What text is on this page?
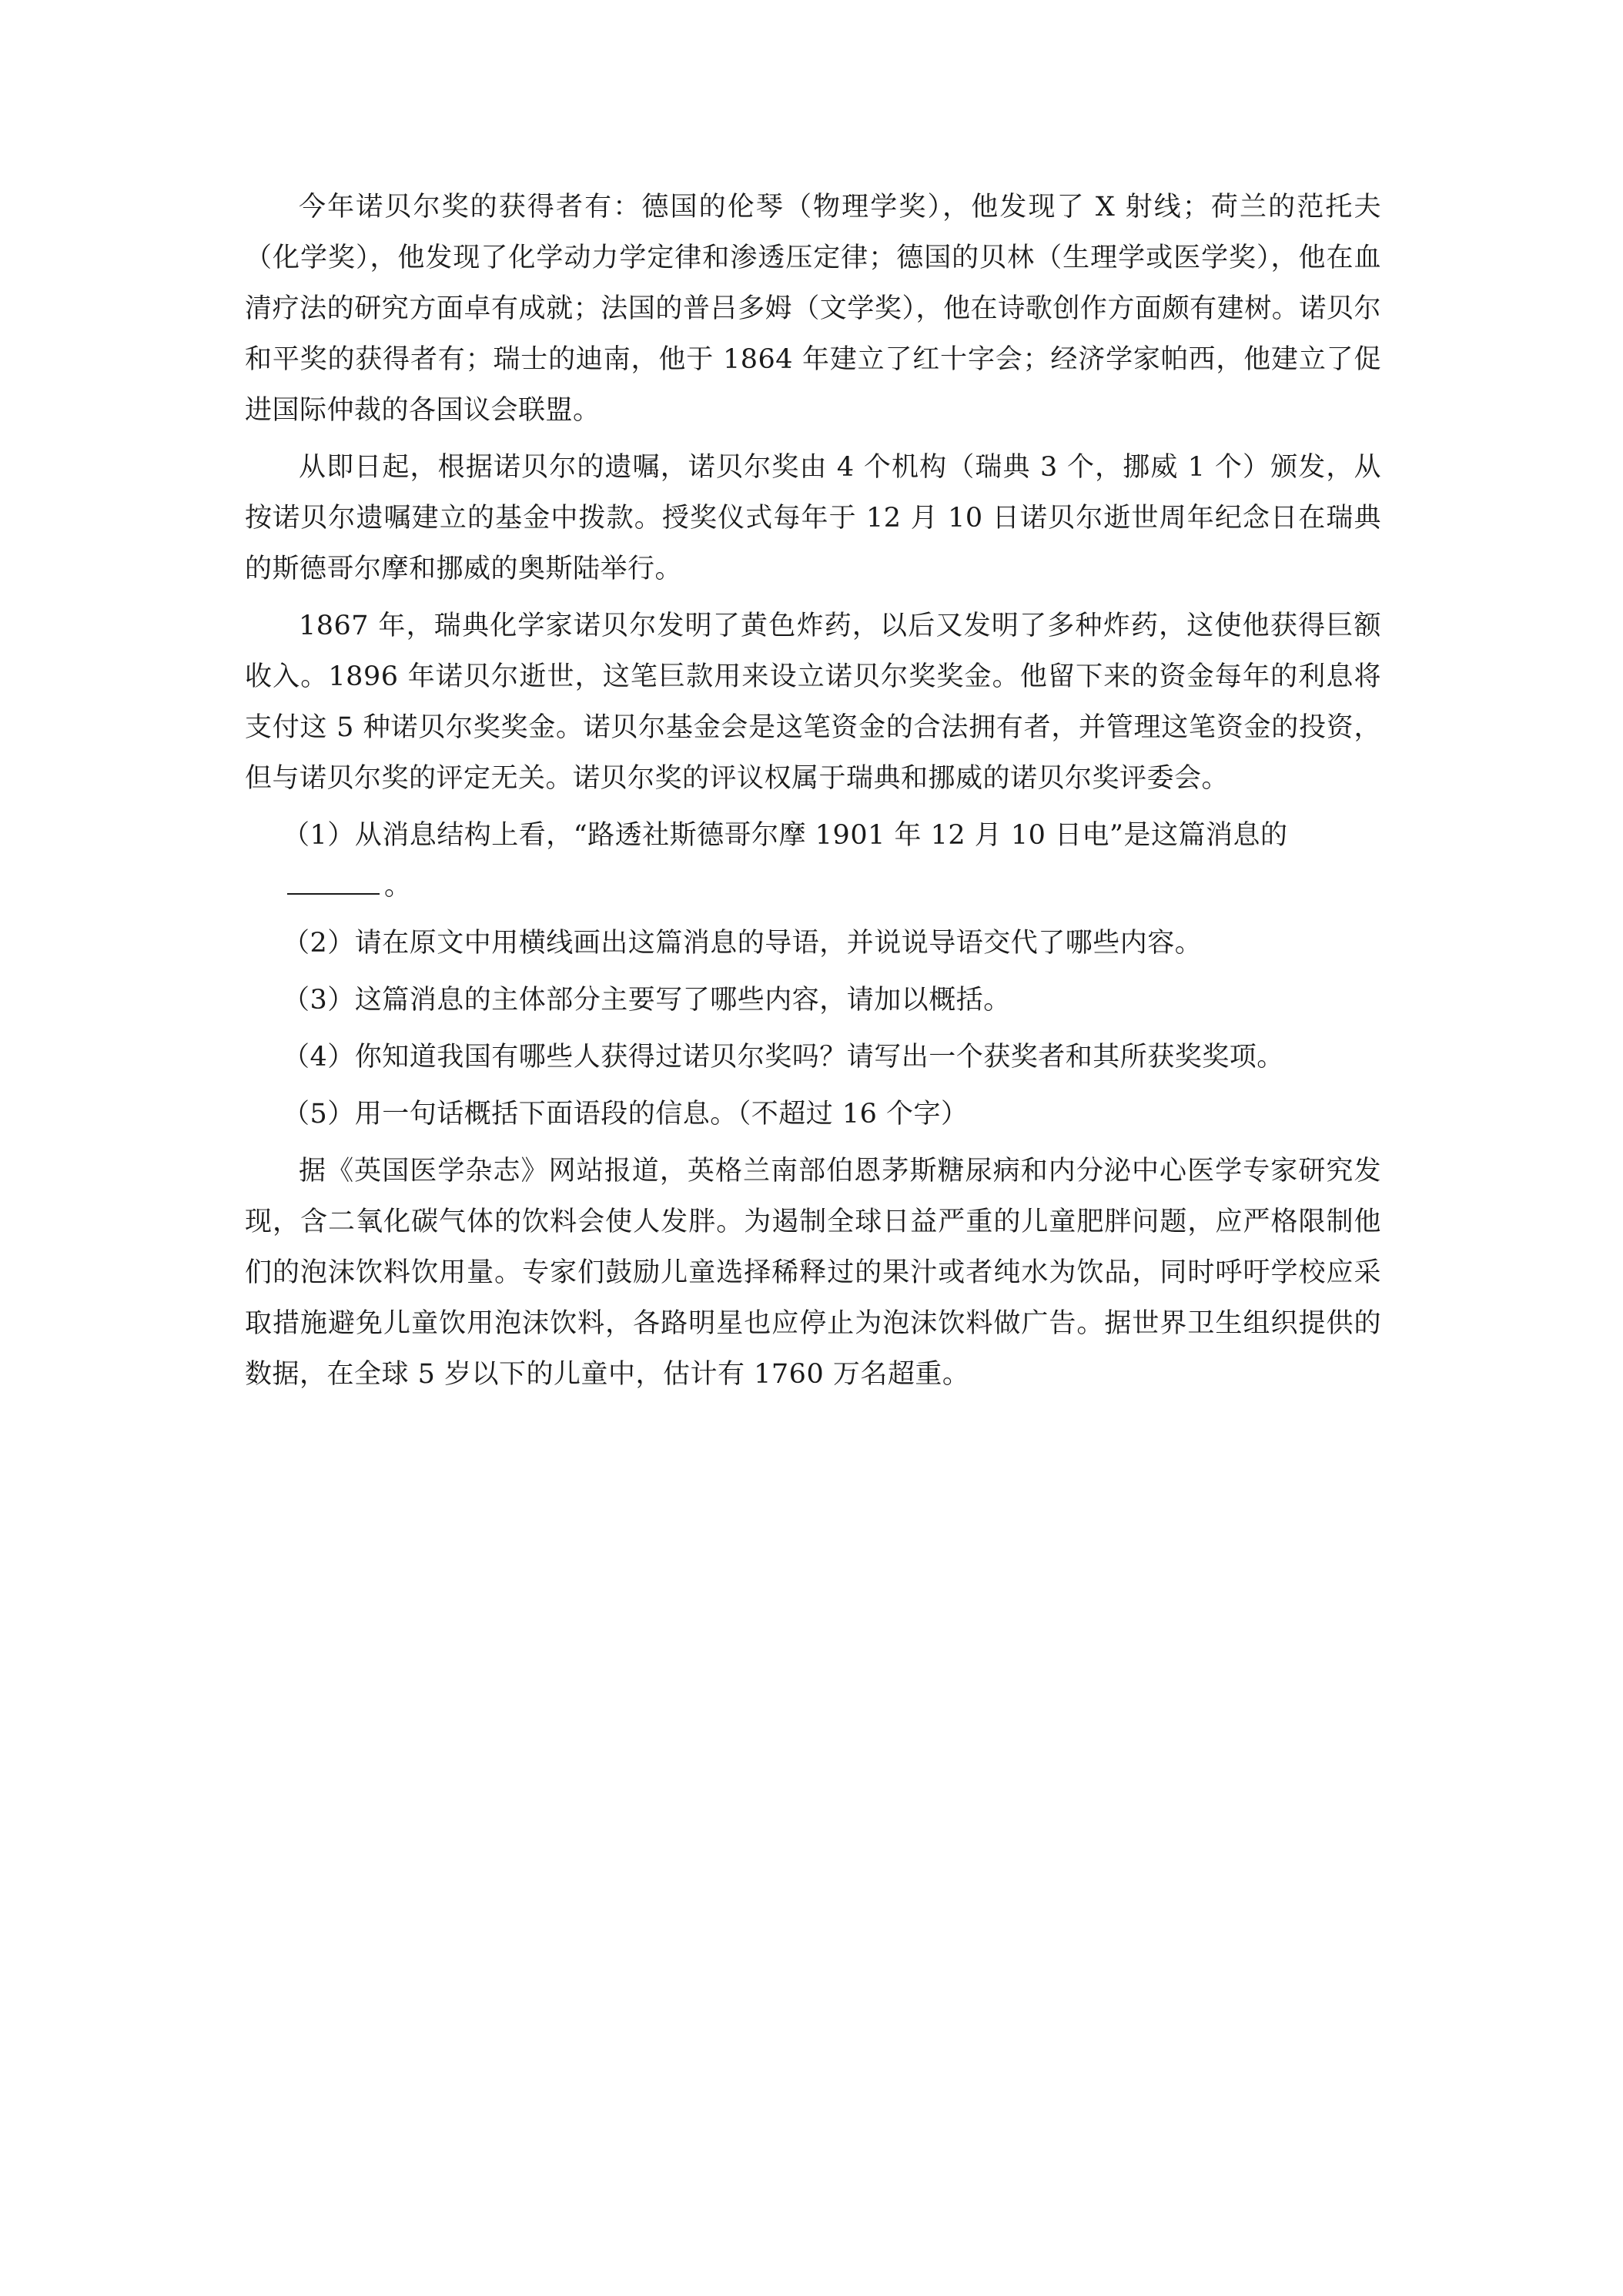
今年诺贝尔奖的获得者有：德国的伦琴（物理学奖），他发现了 X 射线；荷兰的范托夫（化学奖），他发现了化学动力学定律和渗透压定律；德国的贝林（生理学或医学奖），他在血清疗法的研究方面卓有成就；法国的普吕多姆（文学奖），他在诗歌创作方面颇有建树。诺贝尔和平奖的获得者有；瑞士的迪南，他于 1864 年建立了红十字会；经济学家帕西，他建立了促进国际仲裁的各国议会联盟。

从即日起，根据诺贝尔的遗嘱，诺贝尔奖由 4 个机构（瑞典 3 个，挪威 1 个）颁发，从按诺贝尔遗嘱建立的基金中拨款。授奖仪式每年于 12 月 10 日诺贝尔逝世周年纪念日在瑞典的斯德哥尔摩和挪威的奥斯陆举行。

1867 年，瑞典化学家诺贝尔发明了黄色炸药，以后又发明了多种炸药，这使他获得巨额收入。1896 年诺贝尔逝世，这笔巨款用来设立诺贝尔奖奖金。他留下来的资金每年的利息将支付这 5 种诺贝尔奖奖金。诺贝尔基金会是这笔资金的合法拥有者，并管理这笔资金的投资，但与诺贝尔奖的评定无关。诺贝尔奖的评议权属于瑞典和挪威的诺贝尔奖评委会。

（1）从消息结构上看，“路透社斯德哥尔摩 1901 年 12 月 10 日电”是这篇消息的。

（2）请在原文中用横线画出这篇消息的导语，并说说导语交代了哪些内容。

（3）这篇消息的主体部分主要写了哪些内容，请加以概括。

（4）你知道我国有哪些人获得过诺贝尔奖吗？请写出一个获奖者和其所获奖奖项。

（5）用一句话概括下面语段的信息。（不超过 16 个字）

据《英国医学杂志》网站报道，英格兰南部伯恩茅斯糖尿病和内分泌中心医学专家研究发现，含二氧化碳气体的饮料会使人发胖。为遏制全球日益严重的儿童肥胖问题，应严格限制他们的泡沫饮料饮用量。专家们鼓励儿童选择稀释过的果汁或者纯水为饮品，同时呼吁学校应采取措施避免儿童饮用泡沫饮料，各路明星也应停止为泡沫饮料做广告。据世界卫生组织提供的数据，在全球 5 岁以下的儿童中，估计有 1760 万名超重。
